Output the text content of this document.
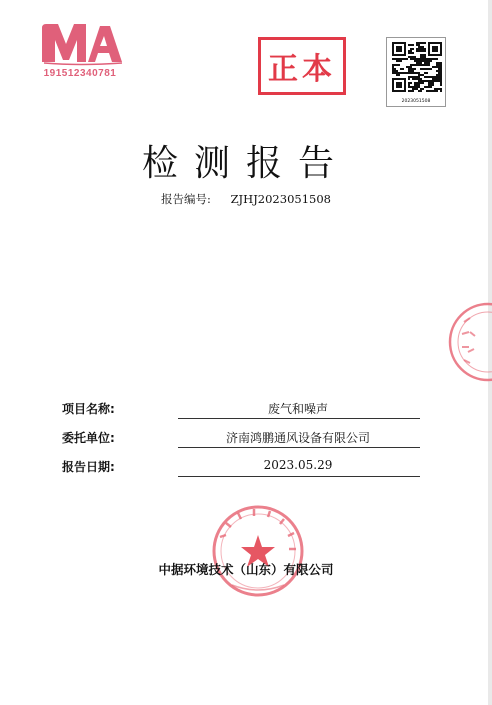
191512340781	正本
2023051508
检测报告
报告编号: ZJHJ2023051508
项目名称:	废气和噪声
委托单位:	济南鸿鹏通风设备有限公司
报告日期:	2023.05.29
中据环境技术（山东）有限公司
